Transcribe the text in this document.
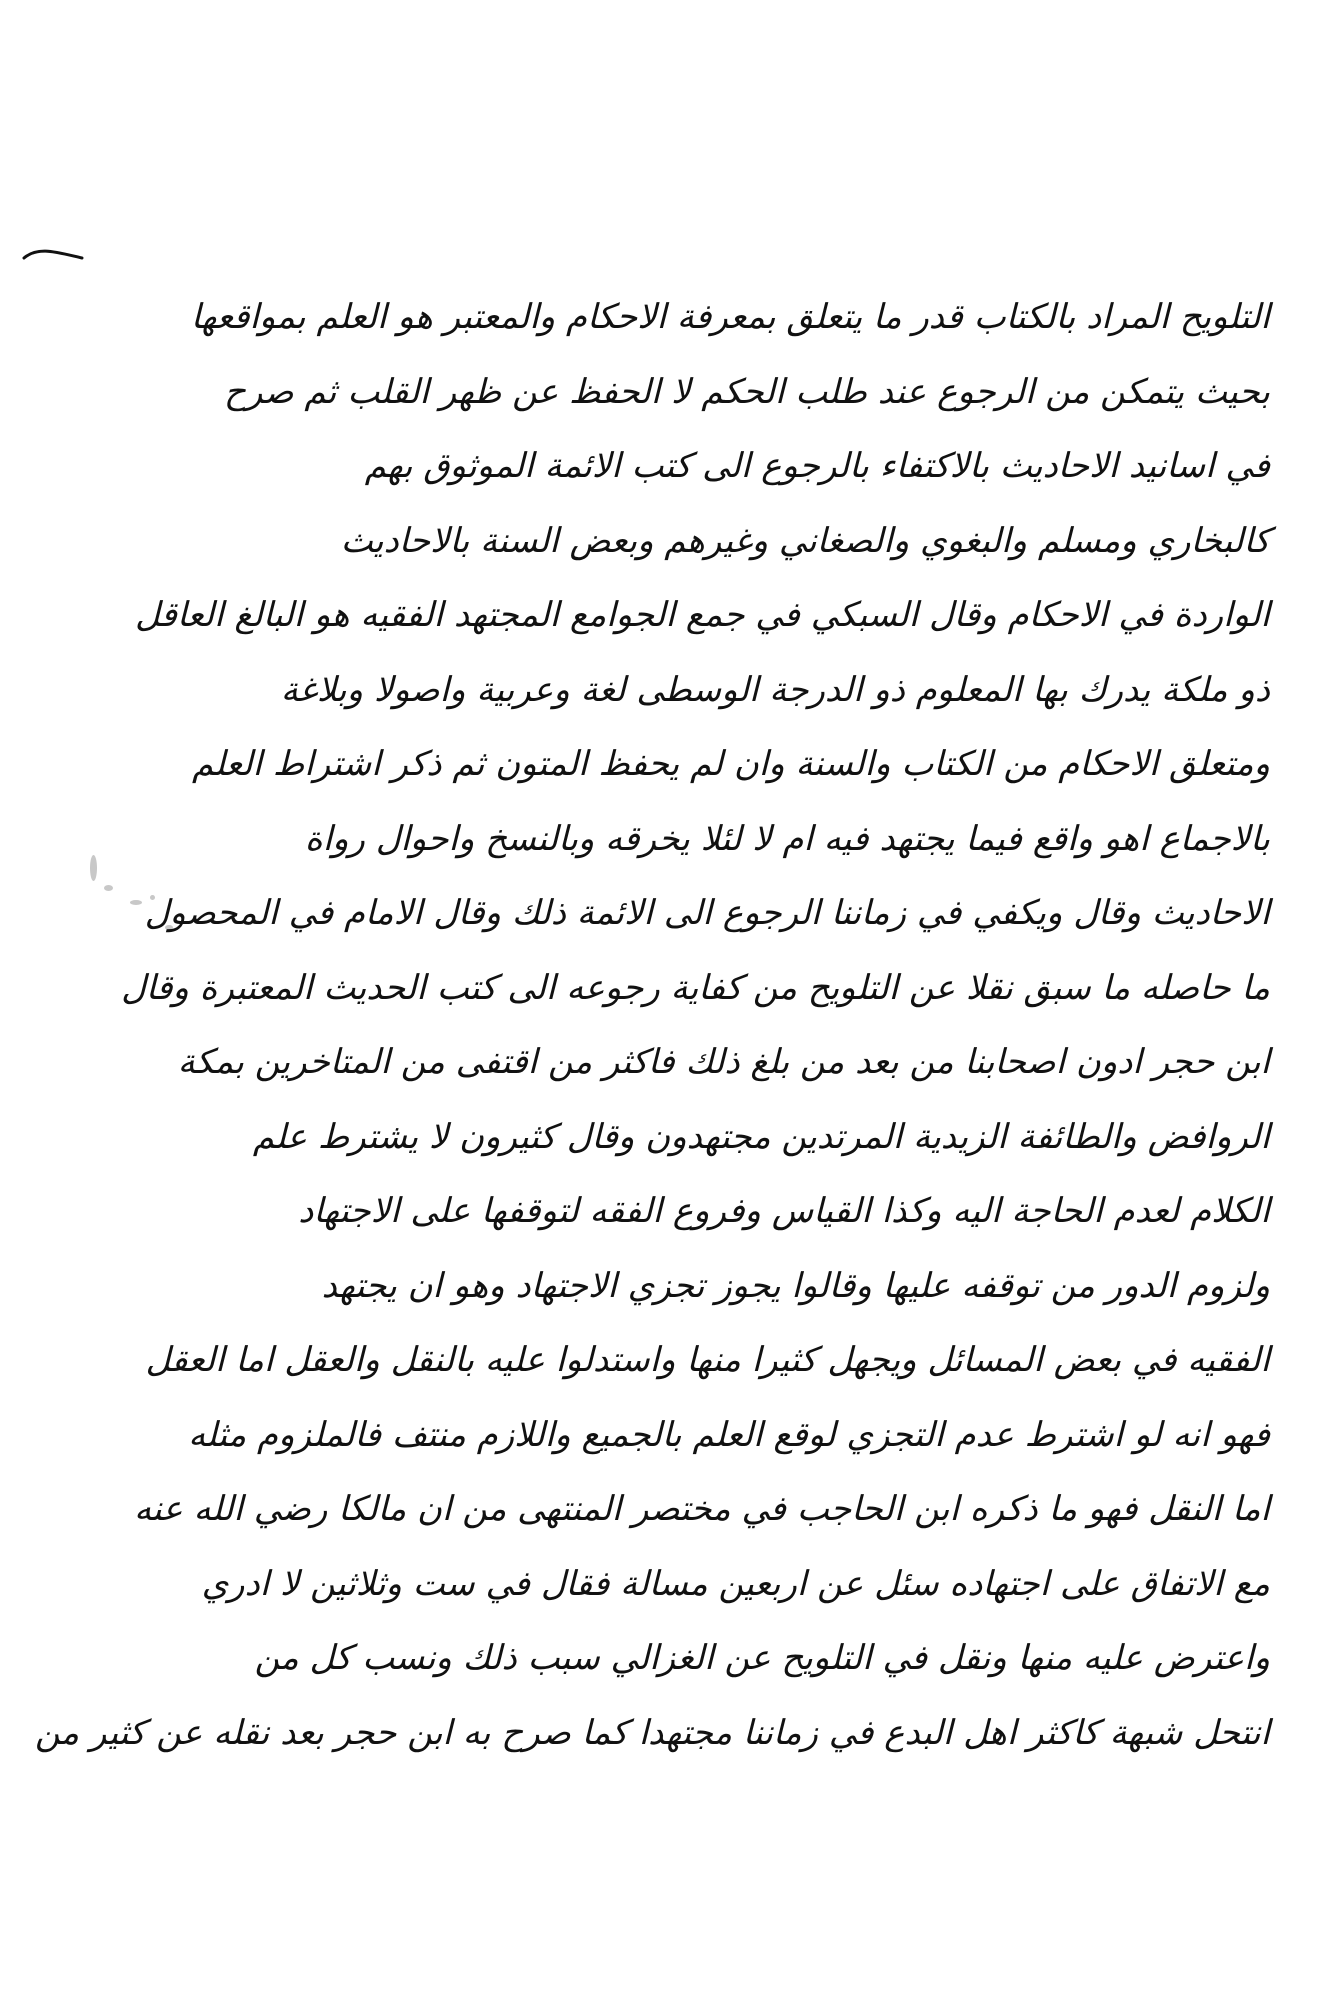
التلويح المراد بالكتاب قدر ما يتعلق بمعرفة الاحكام والمعتبر هو العلم بمواقعها
بحيث يتمكن من الرجوع عند طلب الحكم لا الحفظ عن ظهر القلب ثم صرح
في اسانيد الاحاديث بالاكتفاء بالرجوع الى كتب الائمة الموثوق بهم
كالبخاري ومسلم والبغوي والصغاني وغيرهم وبعض السنة بالاحاديث
الواردة في الاحكام وقال السبكي في جمع الجوامع المجتهد الفقيه هو البالغ العاقل
ذو ملكة يدرك بها المعلوم ذو الدرجة الوسطى لغة وعربية واصولا وبلاغة
ومتعلق الاحكام من الكتاب والسنة وان لم يحفظ المتون ثم ذكر اشتراط العلم
بالاجماع اهو واقع فيما يجتهد فيه ام لا لئلا يخرقه وبالنسخ واحوال رواة
الاحاديث وقال ويكفي في زماننا الرجوع الى الائمة ذلك وقال الامام في المحصول
ما حاصله ما سبق نقلا عن التلويح من كفاية رجوعه الى كتب الحديث المعتبرة وقال
ابن حجر ادون اصحابنا من بعد من بلغ ذلك فاكثر من اقتفى من المتاخرين بمكة
الروافض والطائفة الزيدية المرتدين مجتهدون وقال كثيرون لا يشترط علم
الكلام لعدم الحاجة اليه وكذا القياس وفروع الفقه لتوقفها على الاجتهاد
ولزوم الدور من توقفه عليها وقالوا يجوز تجزي الاجتهاد وهو ان يجتهد
الفقيه في بعض المسائل ويجهل كثيرا منها واستدلوا عليه بالنقل والعقل اما العقل
فهو انه لو اشترط عدم التجزي لوقع العلم بالجميع واللازم منتف فالملزوم مثله
اما النقل فهو ما ذكره ابن الحاجب في مختصر المنتهى من ان مالكا رضي الله عنه
مع الاتفاق على اجتهاده سئل عن اربعين مسالة فقال في ست وثلاثين لا ادري
واعترض عليه منها ونقل في التلويح عن الغزالي سبب ذلك ونسب كل من
انتحل شبهة كاكثر اهل البدع في زماننا مجتهدا كما صرح به ابن حجر بعد نقله عن كثير من
